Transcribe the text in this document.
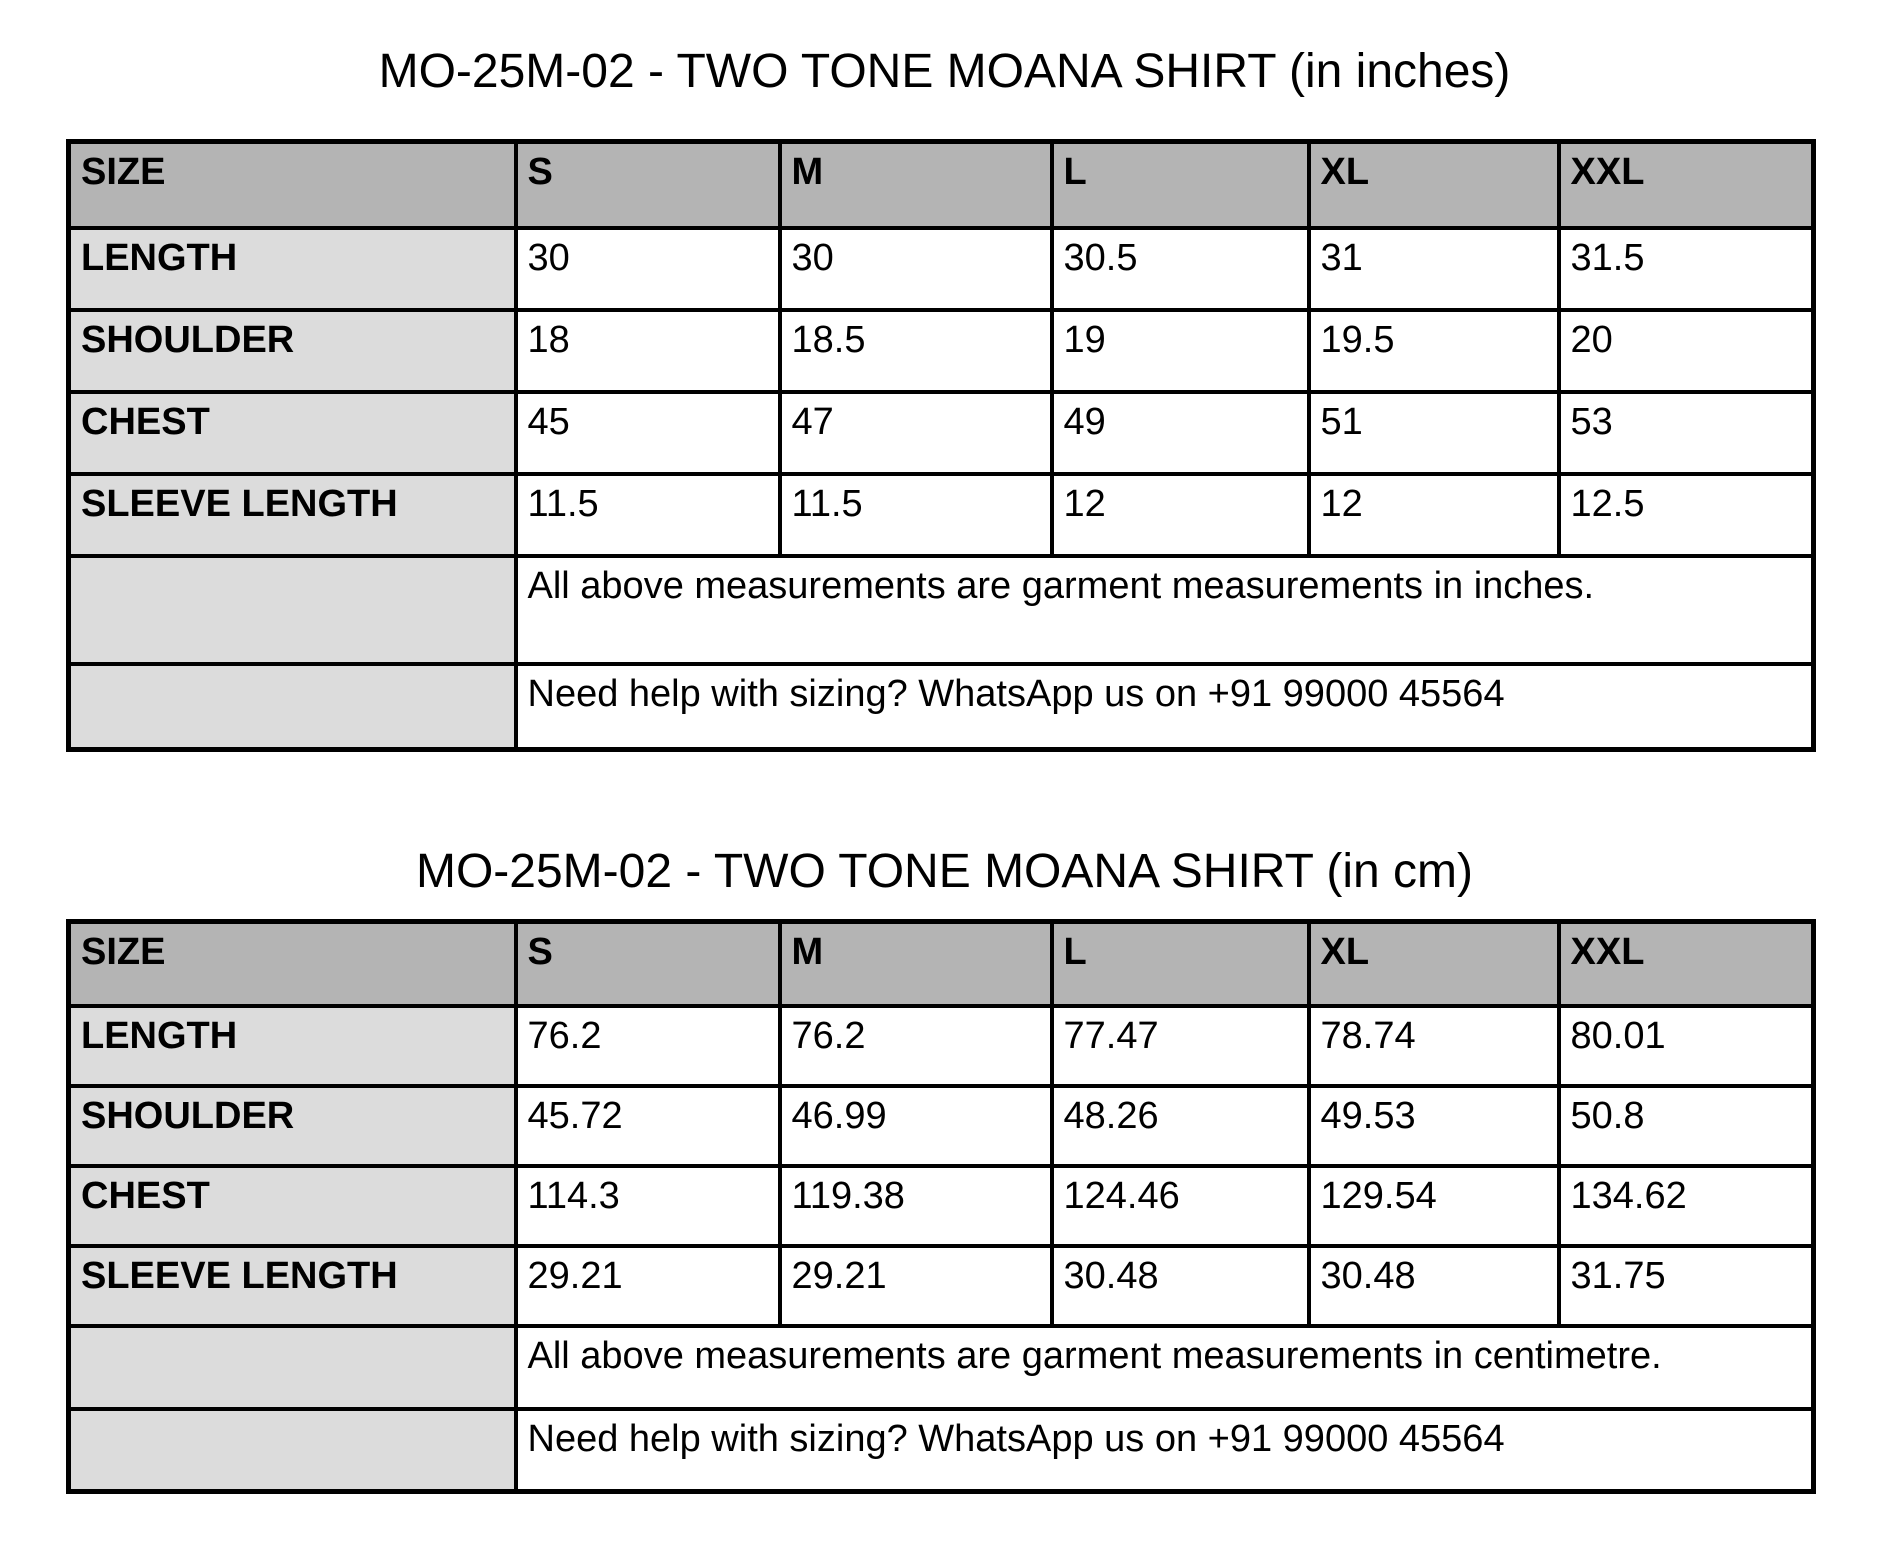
MO-25M-02 - TWO TONE MOANA SHIRT (in inches)
SIZE	S	M	L	XL	XXL
LENGTH	30	30	30.5	31	31.5
SHOULDER	18	18.5	19	19.5	20
CHEST	45	47	49	51	53
SLEEVE LENGTH	11.5	11.5	12	12	12.5
	All above measurements are garment measurements in inches.				
	Need help with sizing? WhatsApp us on +91 99000 45564				
MO-25M-02 - TWO TONE MOANA SHIRT (in cm)
SIZE	S	M	L	XL	XXL
LENGTH	76.2	76.2	77.47	78.74	80.01
SHOULDER	45.72	46.99	48.26	49.53	50.8
CHEST	114.3	119.38	124.46	129.54	134.62
SLEEVE LENGTH	29.21	29.21	30.48	30.48	31.75
	All above measurements are garment measurements in centimetre.				
	Need help with sizing? WhatsApp us on +91 99000 45564				
